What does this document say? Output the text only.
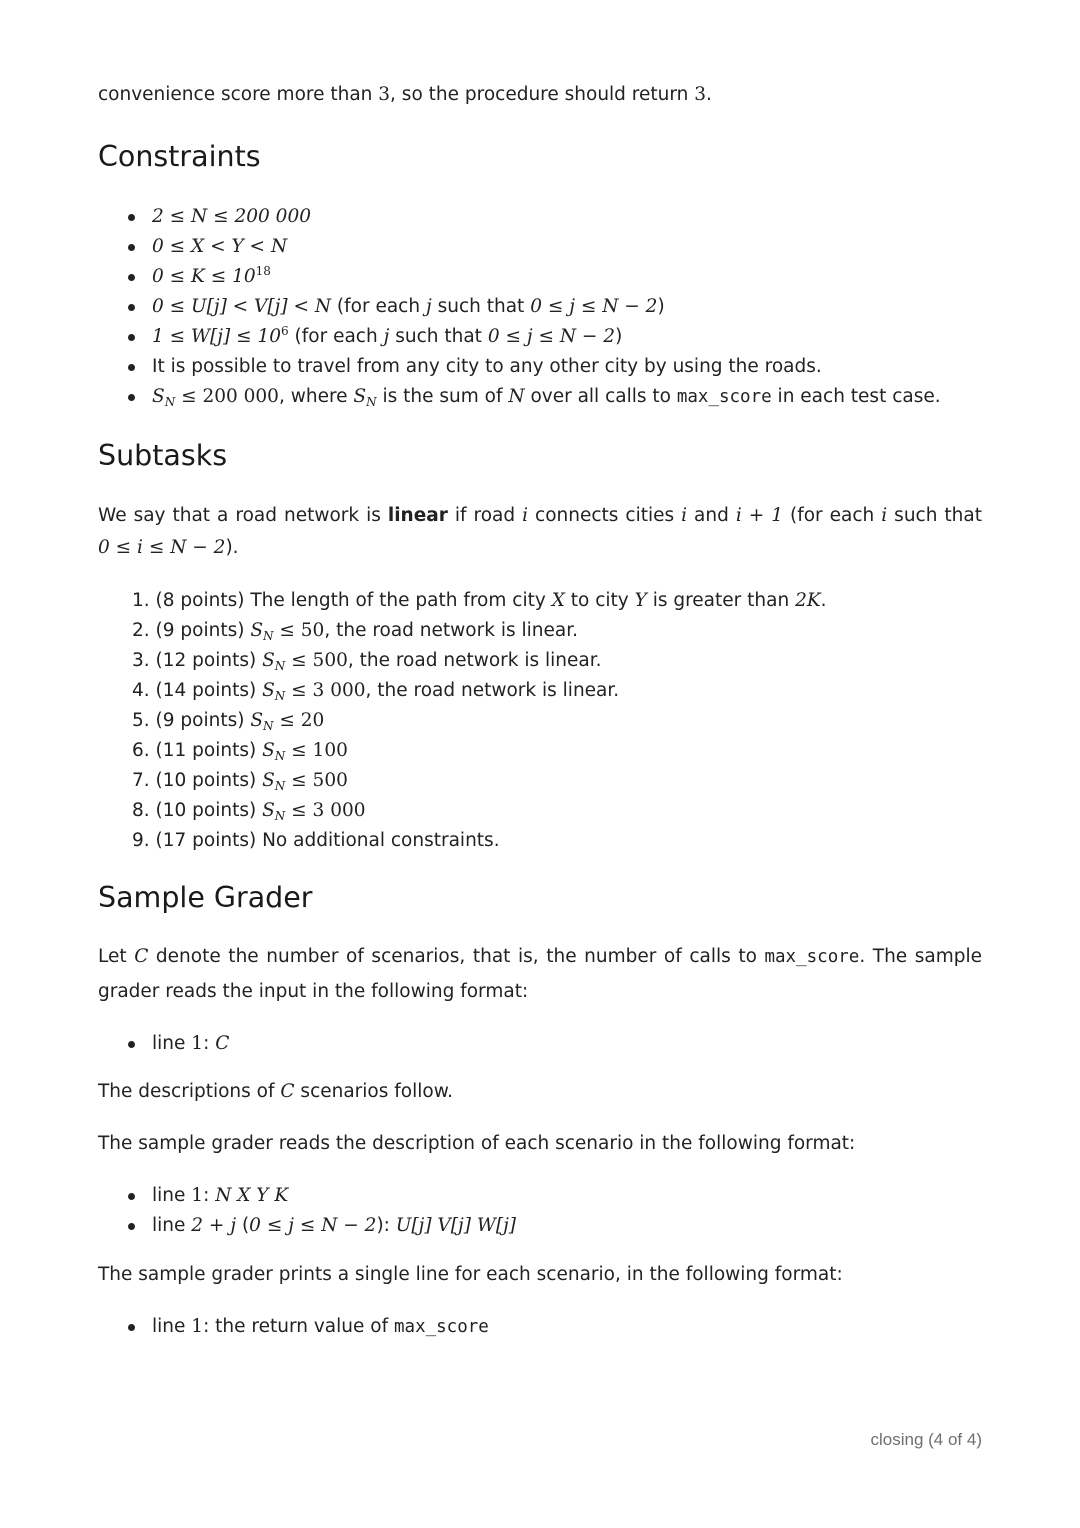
convenience score more than 3, so the procedure should return 3.

Constraints
2 ≤ N ≤ 200 000
0 ≤ X < Y < N
$0 \le K \le 10^{18}$
0 ≤ U[j] < V[j] < N (for each j such that 0 ≤ j ≤ N − 2)
$1 \le W[j] \le 10^6$ (for each j such that 0 ≤ j ≤ N − 2)
It is possible to travel from any city to any other city by using the roads.
$S_N \le 200$ 000, where $S_N$ is the sum of N over all calls to max_score in each test case.
Subtasks

We say that a road network is linear if road i connects cities i and i + 1 (for each i such that

0 ≤ i ≤ N − 2).

1. (8 points) The length of the path from city X to city Y is greater than 2K.
2. (9 points) $S_N \le 50$, the road network is linear.
3. (12 points) $S_N \le 500$, the road network is linear.
4. (14 points) $S_N \le 3$ 000, the road network is linear.
5. (9 points) $S_N \le 20$
6. (11 points) $S_N \le 100$
7. (10 points) $S_N \le 500$
8. (10 points) $S_N \le 3$ 000
9. (17 points) No additional constraints.
Sample Grader

Let C denote the number of scenarios, that is, the number of calls to max_score. The sample

grader reads the input in the following format:

line 1: C

The descriptions of C scenarios follow.

The sample grader reads the description of each scenario in the following format:

line 1: N X Y K
line 2 + j (0 ≤ j ≤ N − 2): U[j] V[j] W[j]

The sample grader prints a single line for each scenario, in the following format:

line 1: the return value of max_score
closing (4 of 4)
